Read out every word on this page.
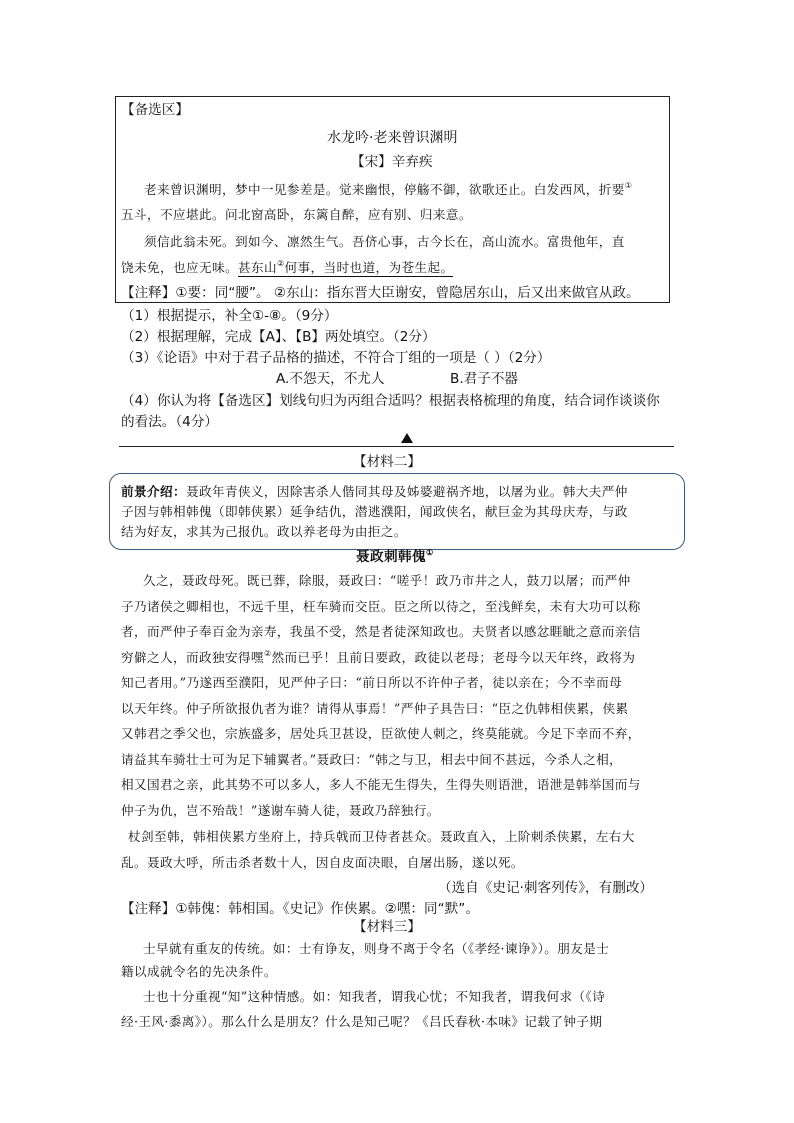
【备选区】
水龙吟·老来曾识渊明
【宋】辛弃疾
老来曾识渊明，梦中一见参差是。觉来幽恨，停觞不御，欲歌还止。白发西风，折要①
五斗，不应堪此。问北窗高卧，东篱自醉，应有别、归来意。
须信此翁未死。到如今、凛然生气。吾侪心事，古今长在，高山流水。富贵他年，直
饶未免，也应无味。甚东山②何事，当时也道，为苍生起。
【注释】①要：同“腰”。 ②东山：指东晋大臣谢安，曾隐居东山，后又出来做官从政。
（1）根据提示，补全①-⑧。（9分）
（2）根据理解，完成【A】、【B】两处填空。（2分）
（3）《论语》中对于君子品格的描述，不符合丁组的一项是（ ）（2分）
A.不怨天，不尤人	B.君子不器
（4）你认为将【备选区】划线句归为丙组合适吗？根据表格梳理的角度，结合词作谈谈你
的看法。（4分）
【材料二】
前景介绍：聂政年青侠义，因除害杀人偕同其母及姊婆避祸齐地，以屠为业。韩大夫严仲
子因与韩相韩傀（即韩侠累）延争结仇，潜逃濮阳，闻政侠名，献巨金为其母庆寿，与政
结为好友，求其为己报仇。政以养老母为由拒之。
聂政刺韩傀①
久之，聂政母死。既已葬，除服，聂政曰：“嗟乎！政乃市井之人，鼓刀以屠；而严仲
子乃诸侯之卿相也，不远千里，枉车骑而交臣。臣之所以待之，至浅鲜矣，未有大功可以称
者，而严仲子奉百金为亲寿，我虽不受，然是者徒深知政也。夫贤者以感忿睚眦之意而亲信
穷僻之人，而政独安得嘿②然而已乎！且前日要政，政徒以老母；老母今以天年终，政将为
知己者用。”乃遂西至濮阳，见严仲子曰：“前日所以不许仲子者，徒以亲在；今不幸而母
以天年终。仲子所欲报仇者为谁？请得从事焉！”严仲子具告曰：“臣之仇韩相侠累，侠累
又韩君之季父也，宗族盛多，居处兵卫甚设，臣欲使人刺之，终莫能就。今足下幸而不弃，
请益其车骑壮士可为足下辅翼者。”聂政曰：“韩之与卫，相去中间不甚远，今杀人之相，
相又国君之亲，此其势不可以多人，多人不能无生得失，生得失则语泄，语泄是韩举国而与
仲子为仇，岂不殆哉！”遂谢车骑人徒，聂政乃辞独行。
杖剑至韩，韩相侠累方坐府上，持兵戟而卫侍者甚众。聂政直入，上阶刺杀侠累，左右大
乱。聂政大呼，所击杀者数十人，因自皮面决眼，自屠出肠，遂以死。
（选自《史记·刺客列传》，有删改）
【注释】①韩傀：韩相国。《史记》作侠累。②嘿：同“默”。
【材料三】
士早就有重友的传统。如：士有诤友，则身不离于令名（《孝经·谏诤》）。朋友是士
籍以成就令名的先决条件。
士也十分重视“知”这种情感。如：知我者，谓我心忧；不知我者，谓我何求（《诗
经·王风·黍离》）。那么什么是朋友？什么是知己呢？《吕氏春秋·本味》记载了钟子期
